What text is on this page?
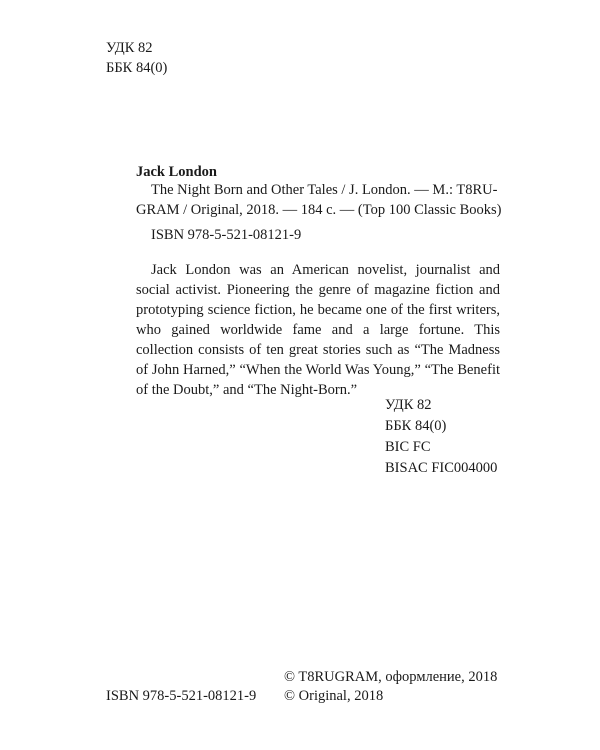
УДК 82
ББК 84(0)
Jack London
The Night Born and Other Tales / J. London. — M.: T8RU-
GRAM / Original, 2018. — 184 с. — (Top 100 Classic Books)
ISBN 978-5-521-08121-9

Jack London was an American novelist, journalist and social activist. Pioneering the genre of magazine fiction and prototyping science fiction, he became one of the first writers, who gained worldwide fame and a large fortune. This collection consists of ten great stories such as “The Madness of John Harned,” “When the World Was Young,” “The Benefit of the Doubt,” and “The Night-Born.”

УДК 82
ББК 84(0)
BIC FC
BISAC FIC004000
© T8RUGRAM, оформление, 2018
© Original, 2018
ISBN 978-5-521-08121-9
